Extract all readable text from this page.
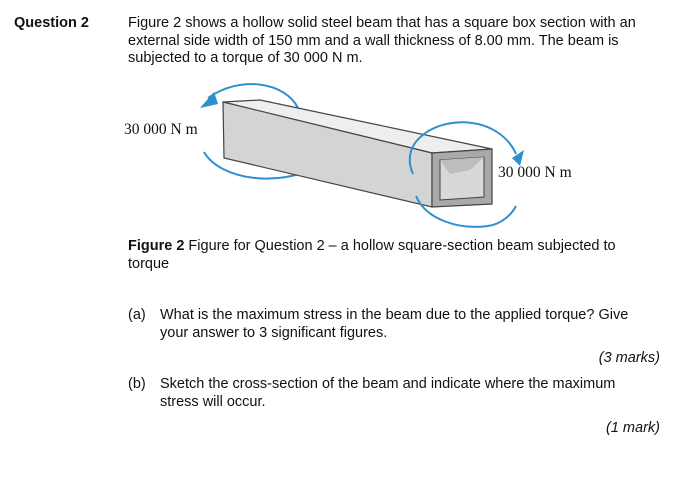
Question 2	Figure 2 shows a hollow solid steel beam that has a square box section with an external side width of 150 mm and a wall thickness of 8.00 mm. The beam is subjected to a torque of 30 000 N m.
30 000 N m
30 000 N m
Figure 2 Figure for Question 2 – a hollow square-section beam subjected to torque
(a) What is the maximum stress in the beam due to the applied torque? Give your answer to 3 significant figures.
(3 marks)
(b) Sketch the cross-section of the beam and indicate where the maximum stress will occur.
(1 mark)
